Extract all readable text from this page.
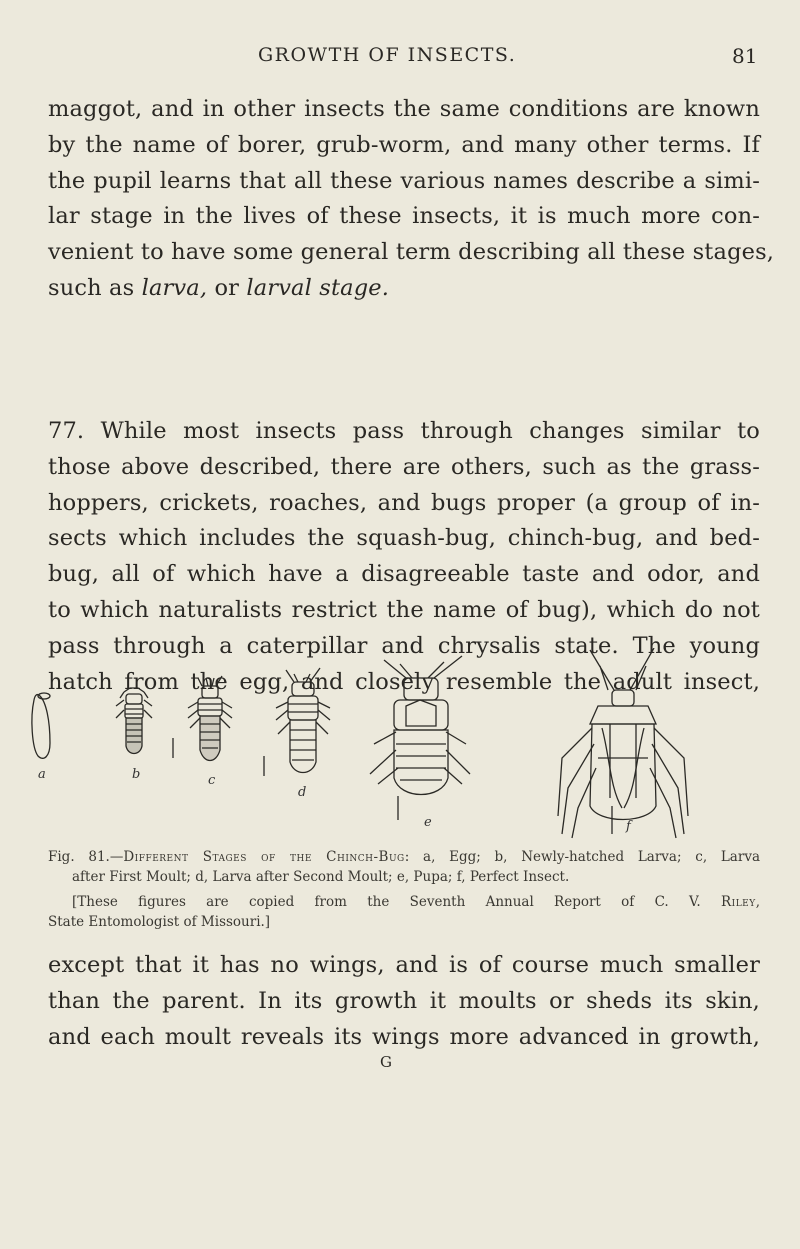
GROWTH OF INSECTS.	81
maggot, and in other insects the same conditions are known
by the name of borer, grub-worm, and many other terms. If
the pupil learns that all these various names describe a simi-
lar stage in the lives of these insects, it is much more con-
venient to have some general term describing all these stages,
such as larva, or larval stage.
77. While most insects pass through changes similar to
those above described, there are others, such as the grass-
hoppers, crickets, roaches, and bugs proper (a group of in-
sects which includes the squash-bug, chinch-bug, and bed-
bug, all of which have a disagreeable taste and odor, and
to which naturalists restrict the name of bug), which do not
pass through a caterpillar and chrysalis state. The young
hatch from the egg, and closely resemble the adult insect,
a	b	c
d
e	f
Fig. 81.—Different Stages of the Chinch-Bug: a, Egg; b, Newly-hatched Larva; c, Larva
after First Moult; d, Larva after Second Moult; e, Pupa; f, Perfect Insect.
[These figures are copied from the Seventh Annual Report of C. V. Riley,
State Entomologist of Missouri.]
except that it has no wings, and is of course much smaller
than the parent. In its growth it moults or sheds its skin,
and each moult reveals its wings more advanced in growth,
G
